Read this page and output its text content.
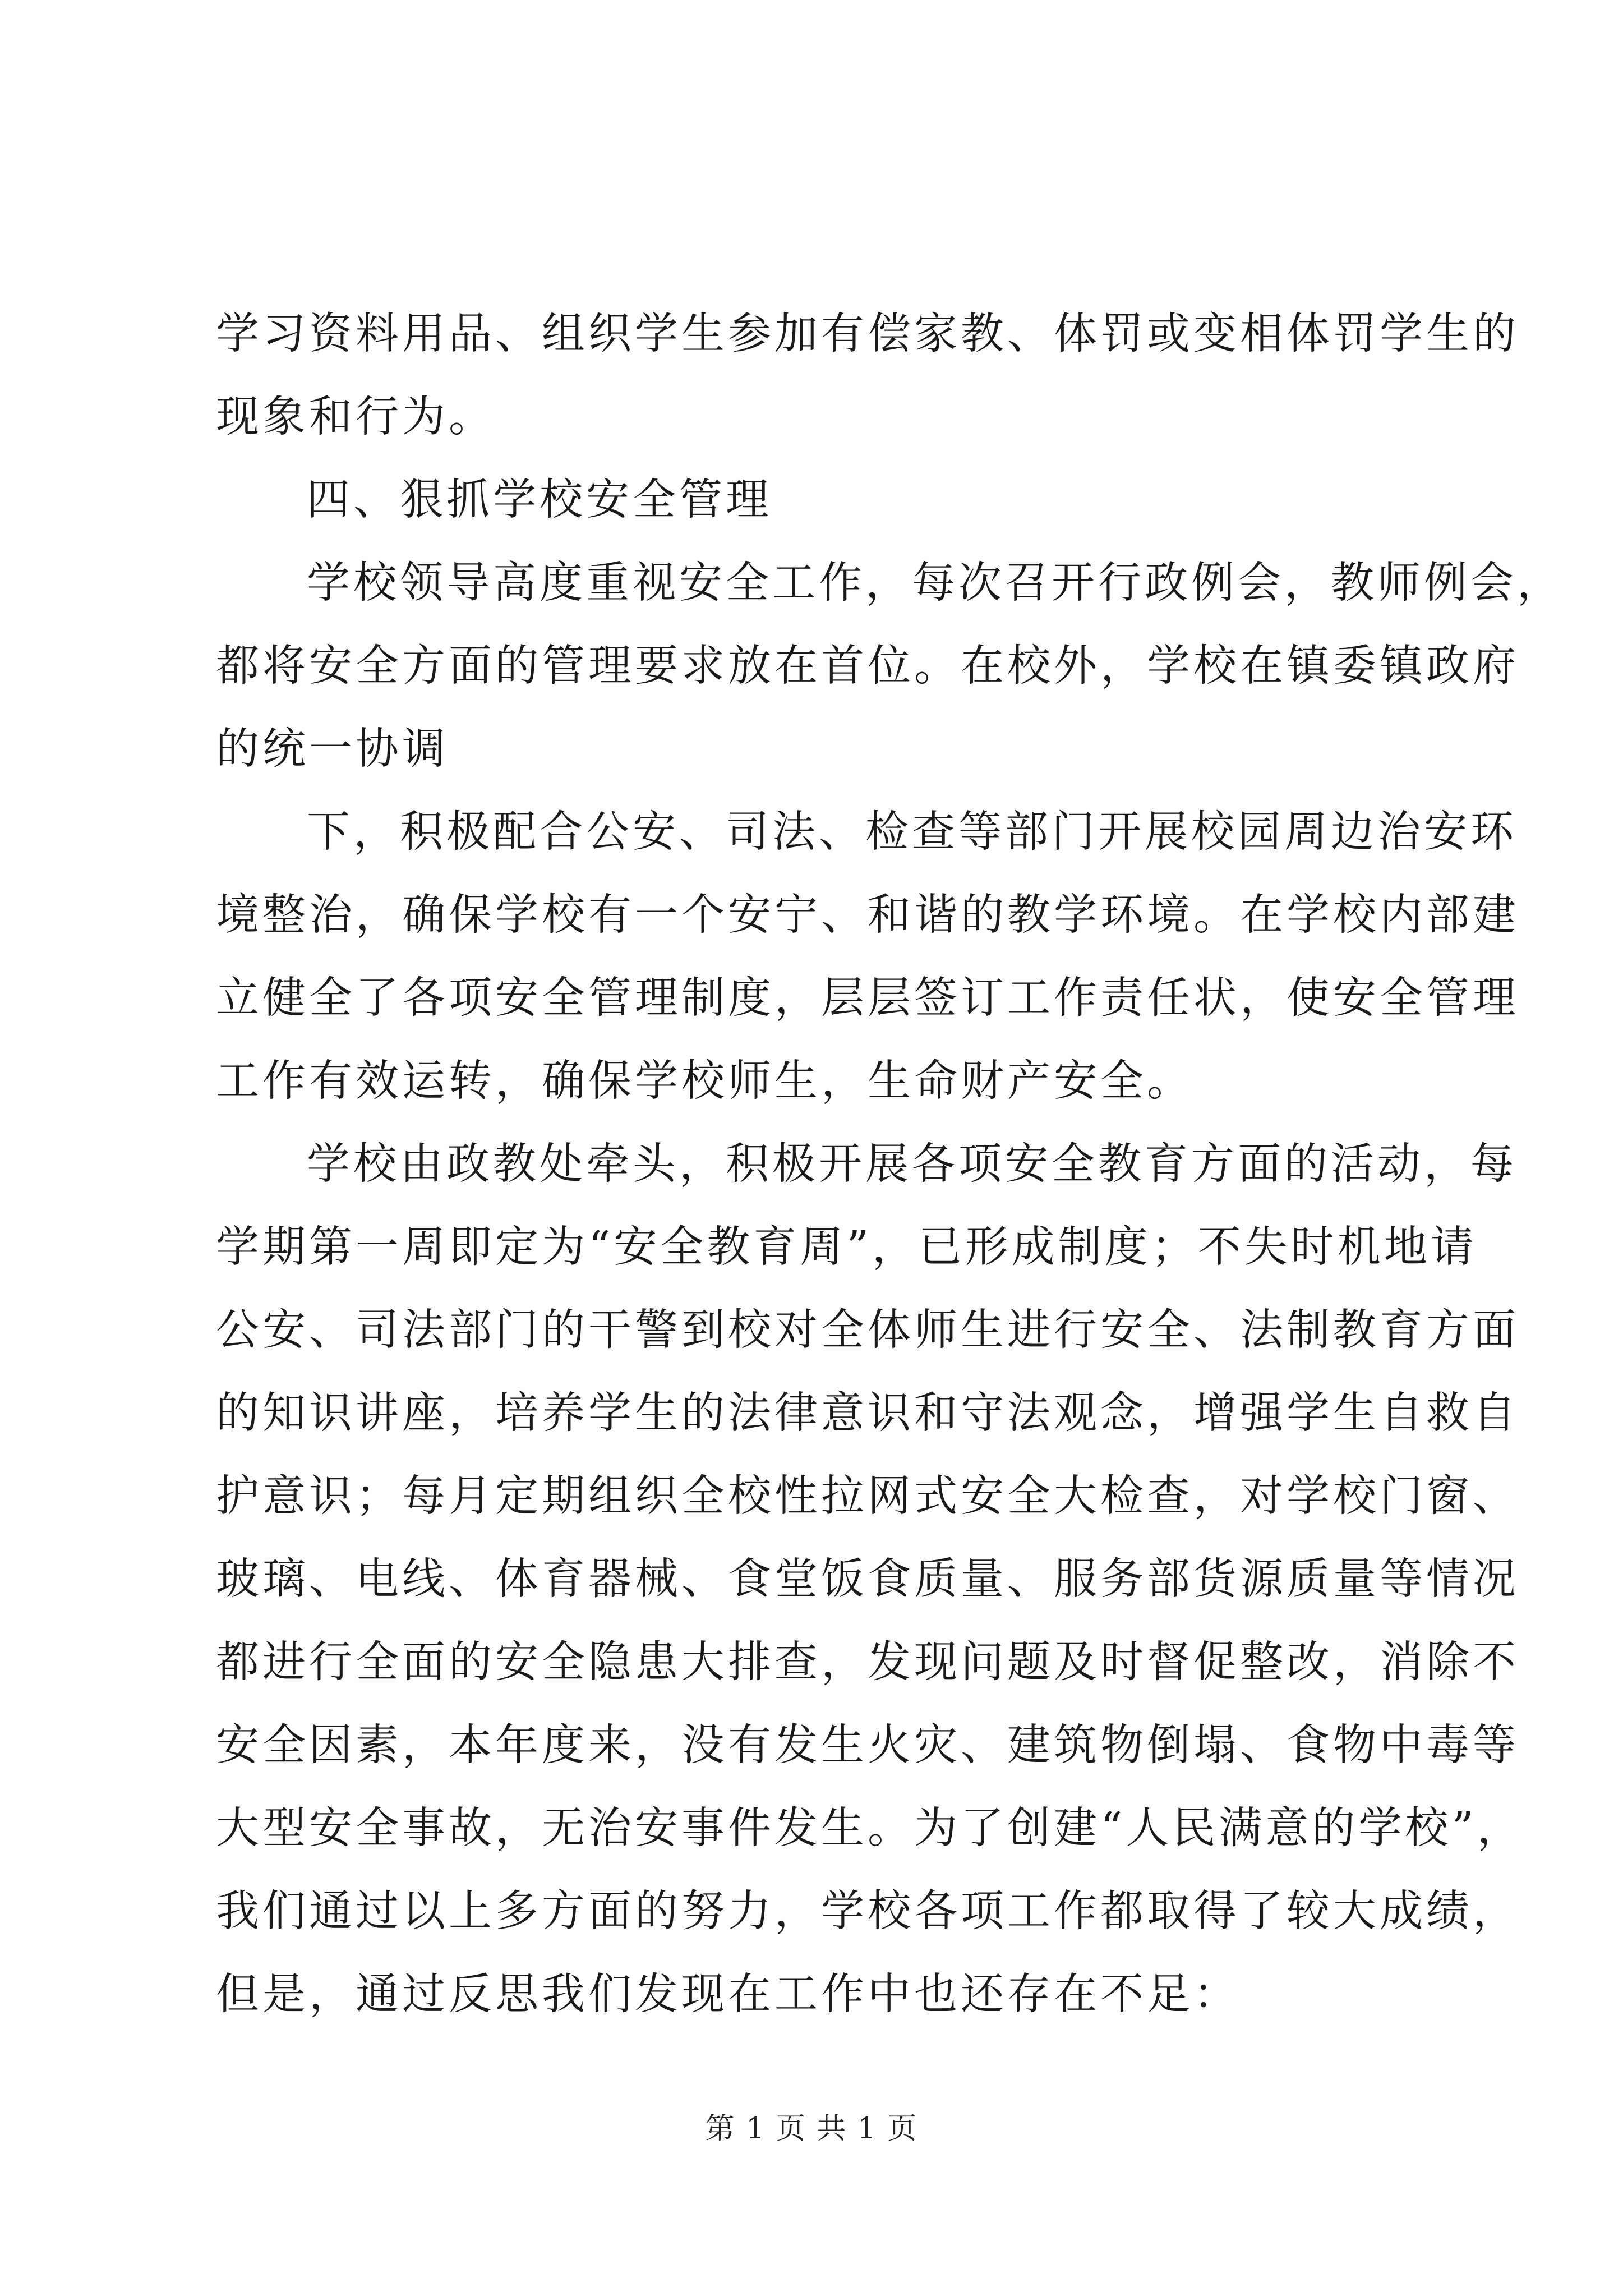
学习资料用品、组织学生参加有偿家教、体罚或变相体罚学生的
现象和行为。
四、狠抓学校安全管理
学校领导高度重视安全工作，每次召开行政例会，教师例会，
都将安全方面的管理要求放在首位。在校外，学校在镇委镇政府
的统一协调
下，积极配合公安、司法、检查等部门开展校园周边治安环
境整治，确保学校有一个安宁、和谐的教学环境。在学校内部建
立健全了各项安全管理制度，层层签订工作责任状，使安全管理
工作有效运转，确保学校师生，生命财产安全。
学校由政教处牵头，积极开展各项安全教育方面的活动，每
学期第一周即定为“安全教育周”，已形成制度；不失时机地请
公安、司法部门的干警到校对全体师生进行安全、法制教育方面
的知识讲座，培养学生的法律意识和守法观念，增强学生自救自
护意识；每月定期组织全校性拉网式安全大检查，对学校门窗、
玻璃、电线、体育器械、食堂饭食质量、服务部货源质量等情况
都进行全面的安全隐患大排查，发现问题及时督促整改，消除不
安全因素，本年度来，没有发生火灾、建筑物倒塌、食物中毒等
大型安全事故，无治安事件发生。为了创建“人民满意的学校”，
我们通过以上多方面的努力，学校各项工作都取得了较大成绩，
但是，通过反思我们发现在工作中也还存在不足：
第 1 页 共 1 页
